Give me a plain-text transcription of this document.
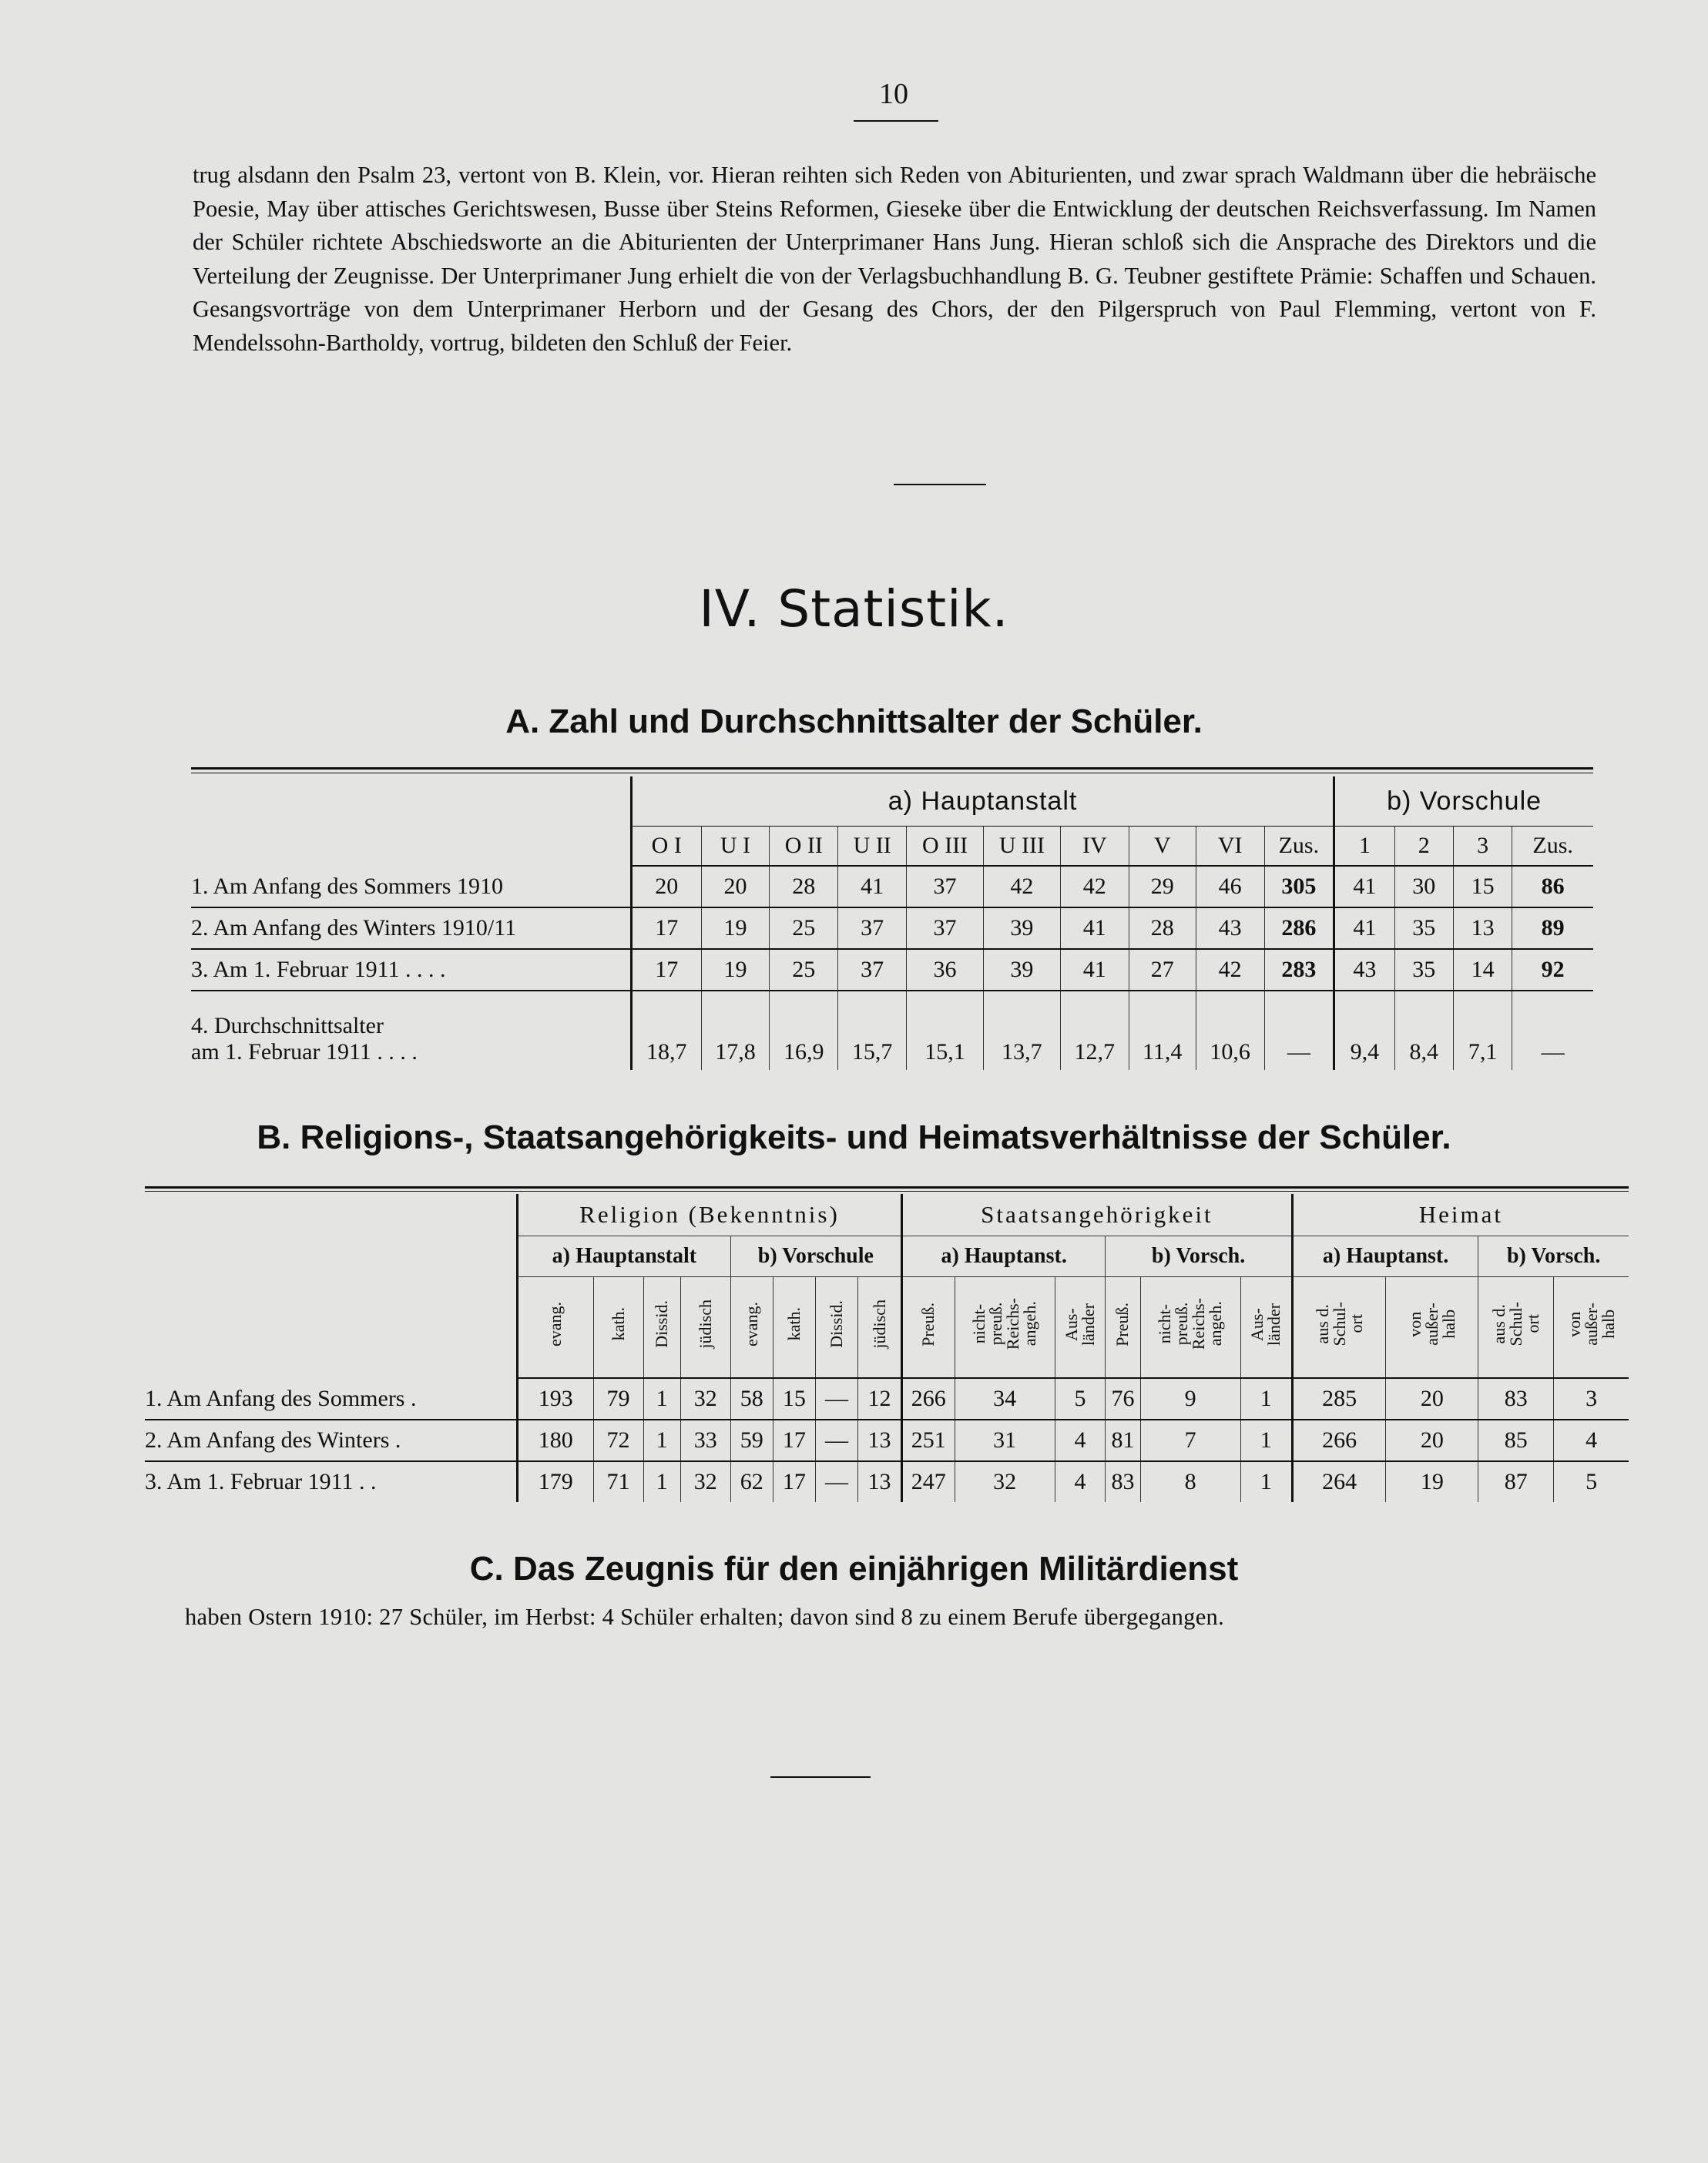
10

trug alsdann den Psalm 23, vertont von B. Klein, vor. Hieran reihten sich Reden von Abiturienten, und zwar sprach Waldmann über die hebräische Poesie, May über attisches Gerichtswesen, Busse über Steins Reformen, Gieseke über die Entwicklung der deutschen Reichsverfassung. Im Namen der Schüler richtete Abschiedsworte an die Abiturienten der Unterprimaner Hans Jung. Hieran schloß sich die Ansprache des Direktors und die Verteilung der Zeugnisse. Der Unterprimaner Jung erhielt die von der Verlagsbuchhandlung B. G. Teubner gestiftete Prämie: Schaffen und Schauen. Gesangsvorträge von dem Unterprimaner Herborn und der Gesang des Chors, der den Pilgerspruch von Paul Flemming, vertont von F. Mendelssohn-Bartholdy, vortrug, bildeten den Schluß der Feier.

IV. Statistik.
A. Zahl und Durchschnittsalter der Schüler.
	a) Hauptanstalt										b) Vorschule			
	O I	U I	O II	U II	O III	U III	IV	V	VI	Zus.	1	2	3	Zus.
1. Am Anfang des Sommers 1910	20	20	28	41	37	42	42	29	46	305	41	30	15	86
2. Am Anfang des Winters 1910/11	17	19	25	37	37	39	41	28	43	286	41	35	13	89
3. Am 1. Februar 1911 . . . .	17	19	25	37	36	39	41	27	42	283	43	35	14	92

4. Durchschnittsalter
am 1. Februar 1911 . . . .	18,7	17,8	16,9	15,7	15,1	13,7	12,7	11,4	10,6	—	9,4	8,4	7,1	—
B. Religions-, Staatsangehörigkeits- und Heimatsverhältnisse der Schüler.
	Religion (Bekenntnis)								Staatsangehörigkeit						Heimat			
	a) Hauptanstalt				b) Vorschule				a) Hauptanst.			b) Vorsch.			a) Hauptanst.		b) Vorsch.	
	evang.	kath.	Dissid.	jüdisch	evang.	kath.	Dissid.	jüdisch	Preuß.	nicht-
preuß.
Reichs-
angeh.	Aus-
länder	Preuß.	nicht-
preuß.
Reichs-
angeh.	Aus-
länder	aus d.
Schul-
ort	von
außer-
halb	aus d.
Schul-
ort	von
außer-
halb
1. Am Anfang des Sommers .	193	79	1	32	58	15	—	12	266	34	5	76	9	1	285	20	83	3
2. Am Anfang des Winters .	180	72	1	33	59	17	—	13	251	31	4	81	7	1	266	20	85	4
3. Am 1. Februar 1911 . .	179	71	1	32	62	17	—	13	247	32	4	83	8	1	264	19	87	5
C. Das Zeugnis für den einjährigen Militärdienst
haben Ostern 1910: 27 Schüler, im Herbst: 4 Schüler erhalten; davon sind 8 zu einem Berufe übergegangen.
